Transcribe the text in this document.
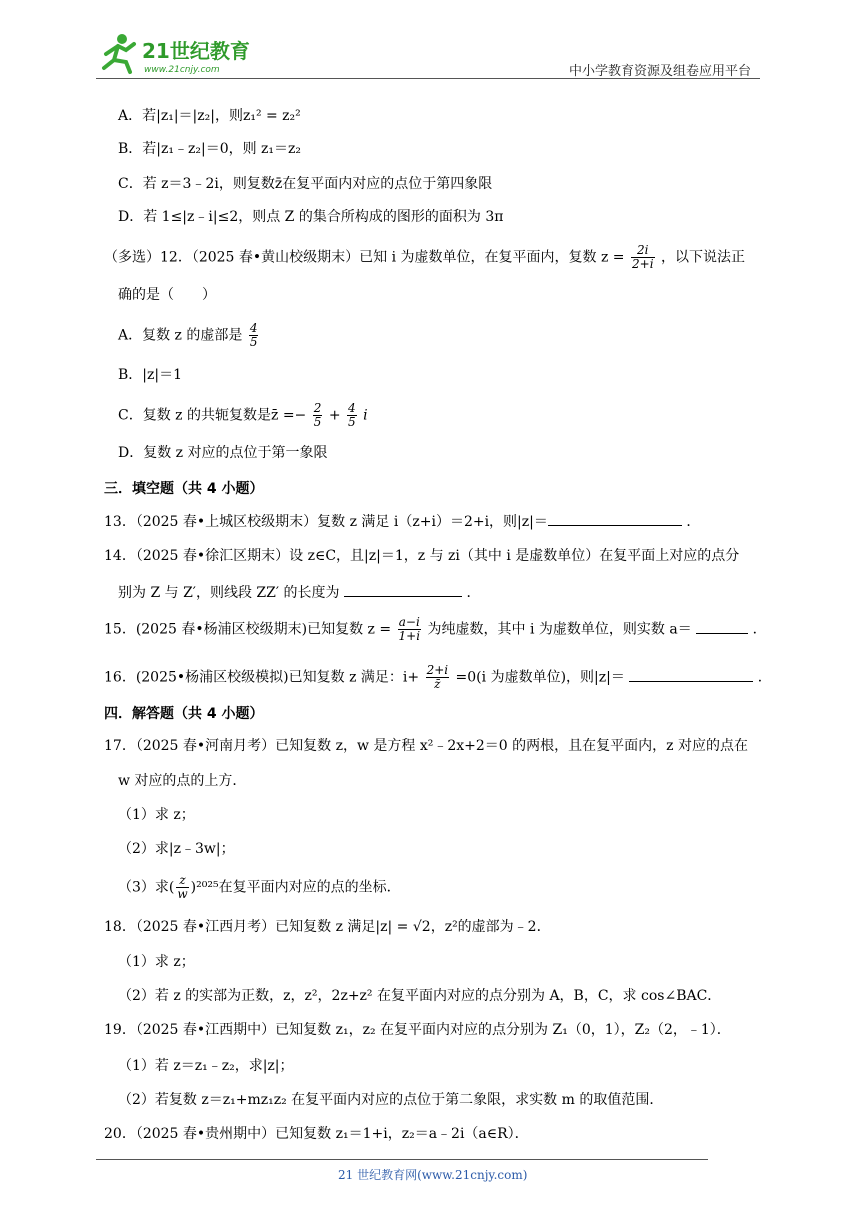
21世纪教育
www.21cnjy.com	中小学教育资源及组卷应用平台
A．若|z₁|＝|z₂|，则z₁² = z₂²
B．若|z₁﹣z₂|＝0，则 z₁＝z₂
C．若 z＝3﹣2i，则复数z̄在复平面内对应的点位于第四象限
D．若 1≤|z﹣i|≤2，则点 Z 的集合所构成的图形的面积为 3π
（多选）12．（2025 春•黄山校级期末）已知 i 为虚数单位，在复平面内，复数 $z = \frac{2i}{2+i}$ ，以下说法正
确的是（　　）
A．复数 z 的虚部是 $\frac{4}{5}$
B．|z|＝1
C．复数 z 的共轭复数是z̄ =− $\frac{2}{5} + \frac{4}{5}$ i
D．复数 z 对应的点位于第一象限
三．填空题（共 4 小题）
13．（2025 春•上城区校级期末）复数 z 满足 i（z+i）＝2+i，则|z|＝	．
14．（2025 春•徐汇区期末）设 z∈C，且|z|＝1，z 与 zi（其中 i 是虚数单位）在复平面上对应的点分
别为 Z 与 Z′，则线段 ZZ′ 的长度为	．
15．(2025 春•杨浦区校级期末)已知复数 $z = \frac{a-i}{1+i}$ 为纯虚数，其中 i 为虚数单位，则实数 a＝	．
16．(2025•杨浦区校级模拟)已知复数 z 满足：$i+ \frac{2+i}{z̄} =0(i$ 为虚数单位)，则|z|＝	．
四．解答题（共 4 小题）
17．（2025 春•河南月考）已知复数 z，w 是方程 x²﹣2x+2＝0 的两根，且在复平面内，z 对应的点在
w 对应的点的上方．
（1）求 z；
（2）求|z﹣3w|；
（3）求( $\frac{z}{w} )^{2025}$在复平面内对应的点的坐标．
18．（2025 春•江西月考）已知复数 z 满足|z| = √2，z²的虚部为﹣2．
（1）求 z；
（2）若 z 的实部为正数，z，z²，2z+z² 在复平面内对应的点分别为 A，B，C，求 cos∠BAC．
19．（2025 春•江西期中）已知复数 z₁，z₂ 在复平面内对应的点分别为 Z₁（0，1），Z₂（2，﹣1）．
（1）若 z＝z₁﹣z₂，求|z|；
（2）若复数 z＝z₁+mz₁z₂ 在复平面内对应的点位于第二象限，求实数 m 的取值范围．
20．（2025 春•贵州期中）已知复数 z₁＝1+i，z₂＝a﹣2i（a∈R）．
21 世纪教育网(www.21cnjy.com)
